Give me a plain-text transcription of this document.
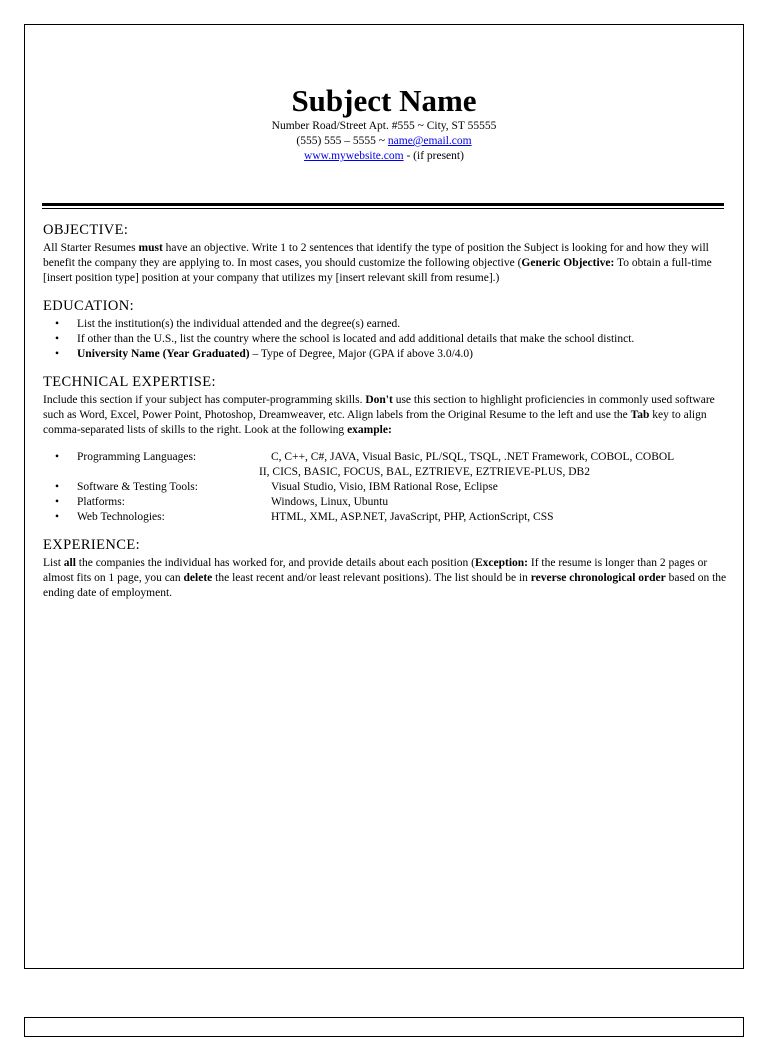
Subject Name
Number Road/Street Apt. #555 ~ City, ST 55555
(555) 555 – 5555 ~ name@email.com
www.mywebsite.com - (if present)
OBJECTIVE:

All Starter Resumes must have an objective. Write 1 to 2 sentences that identify the type of position the Subject is looking for and how they will benefit the company they are applying to. In most cases, you should customize the following objective (Generic Objective: To obtain a full-time [insert position type] position at your company that utilizes my [insert relevant skill from resume].)

EDUCATION:
• List the institution(s) the individual attended and the degree(s) earned.
• If other than the U.S., list the country where the school is located and add additional details that make the school distinct.
• University Name (Year Graduated) – Type of Degree, Major (GPA if above 3.0/4.0)
TECHNICAL EXPERTISE:

Include this section if your subject has computer-programming skills. Don't use this section to highlight proficiencies in commonly used software such as Word, Excel, Power Point, Photoshop, Dreamweaver, etc. Align labels from the Original Resume to the left and use the Tab key to align comma-separated lists of skills to the right. Look at the following example:

• Programming Languages:	C, C++, C#, JAVA, Visual Basic, PL/SQL, TSQL, .NET Framework, COBOL, COBOL
II, CICS, BASIC, FOCUS, BAL, EZTRIEVE, EZTRIEVE-PLUS, DB2
• Software & Testing Tools:	Visual Studio, Visio, IBM Rational Rose, Eclipse
• Platforms:	Windows, Linux, Ubuntu
• Web Technologies:	HTML, XML, ASP.NET, JavaScript, PHP, ActionScript, CSS
EXPERIENCE:

List all the companies the individual has worked for, and provide details about each position (Exception: If the resume is longer than 2 pages or almost fits on 1 page, you can delete the least recent and/or least relevant positions). The list should be in reverse chronological order based on the ending date of employment.
